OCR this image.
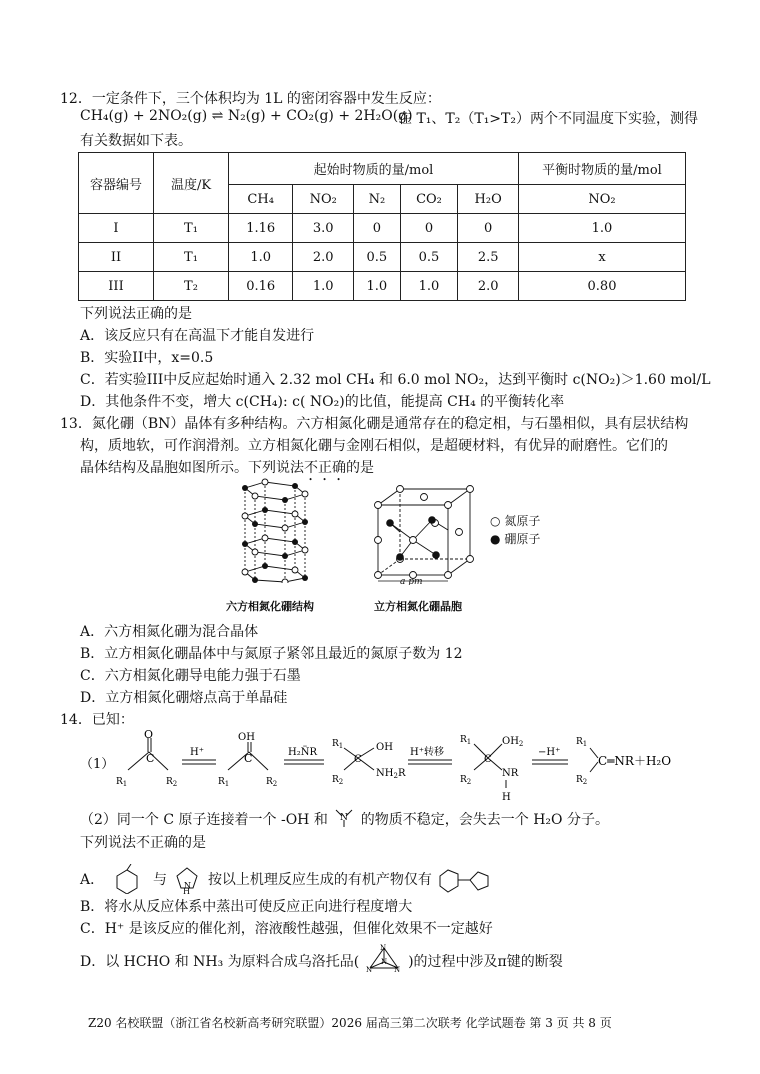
12．一定条件下，三个体积均为 1L 的密闭容器中发生反应：
CH₄(g) + 2NO₂(g) ⇌ N₂(g) + CO₂(g) + 2H₂O(g)
在 T₁、T₂（T₁>T₂）两个不同温度下实验，测得
有关数据如下表。
容器编号	温度/K	起始时物质的量/mol					平衡时物质的量/mol
		CH₄	NO₂	N₂	CO₂	H₂O	NO₂
I	T₁	1.16	3.0	0	0	0	1.0
II	T₁	1.0	2.0	0.5	0.5	2.5	x
III	T₂	0.16	1.0	1.0	1.0	2.0	0.80
下列说法正确的是
A．该反应只有在高温下才能自发进行
B．实验II中，x=0.5
C．若实验III中反应起始时通入 2.32 mol CH₄ 和 6.0 mol NO₂，达到平衡时 c(NO₂)＞1.60 mol/L
D．其他条件不变，增大 c(CH₄): c( NO₂)的比值，能提高 CH₄ 的平衡转化率
13．氮化硼（BN）晶体有多种结构。六方相氮化硼是通常存在的稳定相，与石墨相似，具有层状结构
构，质地软，可作润滑剂。立方相氮化硼与金刚石相似，是超硬材料，有优异的耐磨性。它们的
晶体结构及晶胞如图所示。下列说法不正确的是
六方相氮化硼结构
a pm
立方相氮化硼晶胞
○ 氮原子
● 硼原子
A．六方相氮化硼为混合晶体
B．立方相氮化硼晶体中与氮原子紧邻且最近的氮原子数为 12
C．六方相氮化硼导电能力强于石墨
D．立方相氮化硼熔点高于单晶硅
14．已知：
（1）
O
C
$R_1$	$R_2$
H⁺
OH
C
$R_1$	$R_2$
H₂N̈R
C
OH
$NH_2R$
$R_1$
$R_2$
H⁺转移
C
$OH_2$
NR
H
$R_1$
$R_2$
−H⁺
$R_1$
$R_2$
C═NR＋H₂O
（2）同一个 C 原子连接着一个 -OH 和 N 的物质不稳定，会失去一个 H₂O 分子。
下列说法不正确的是
A．	与
H
N 按以上机理反应生成的有机产物仅有
B．将水从反应体系中蒸出可使反应正向进行程度增大
C．H⁺ 是该反应的催化剂，溶液酸性越强，但催化效果不一定越好
D．以 HCHO 和 NH₃ 为原料合成乌洛托品(
N
N	N
N )的过程中涉及π键的断裂
Z20 名校联盟（浙江省名校新高考研究联盟）2026 届高三第二次联考 化学试题卷 第 3 页 共 8 页
